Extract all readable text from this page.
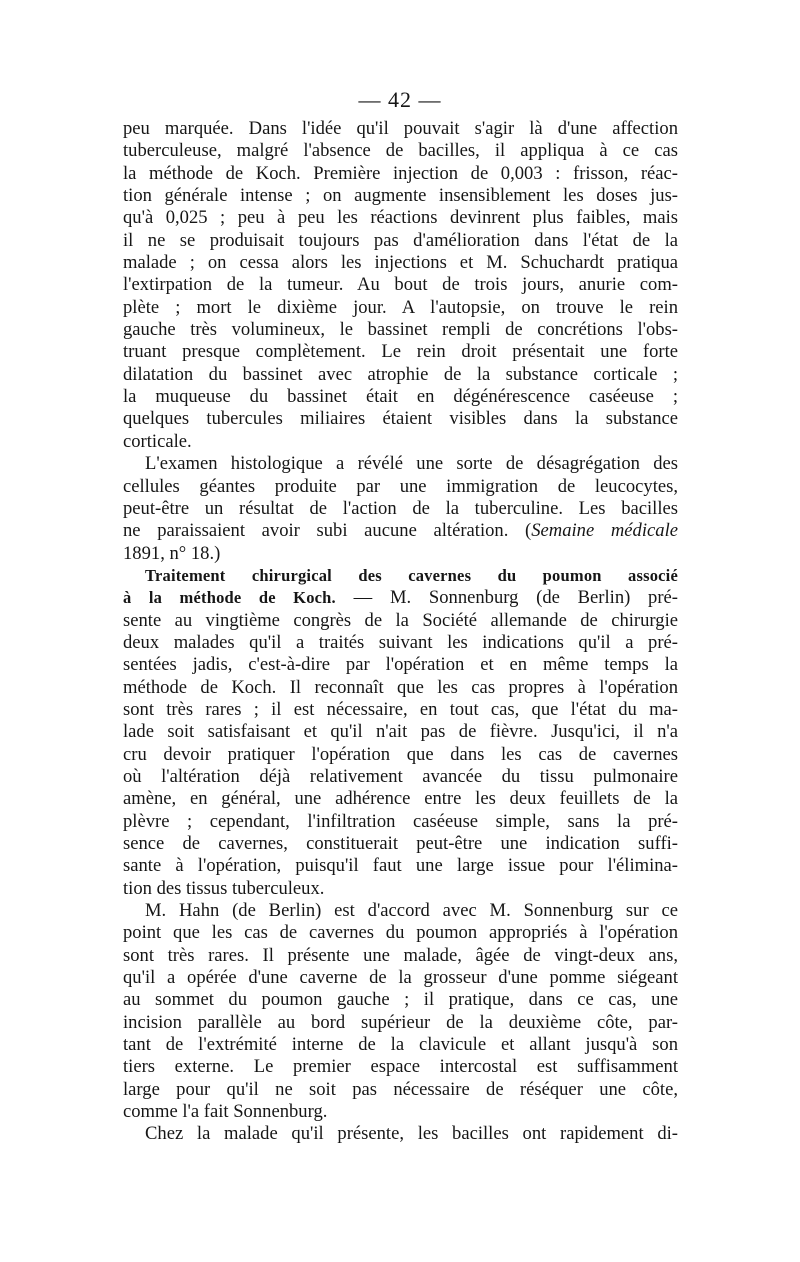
— 42 —
peu marquée. Dans l'idée qu'il pouvait s'agir là d'une affection
tuberculeuse, malgré l'absence de bacilles, il appliqua à ce cas
la méthode de Koch. Première injection de 0,003 : frisson, réac-
tion générale intense ; on augmente insensiblement les doses jus-
qu'à 0,025 ; peu à peu les réactions devinrent plus faibles, mais
il ne se produisait toujours pas d'amélioration dans l'état de la
malade ; on cessa alors les injections et M. Schuchardt pratiqua
l'extirpation de la tumeur. Au bout de trois jours, anurie com-
plète ; mort le dixième jour. A l'autopsie, on trouve le rein
gauche très volumineux, le bassinet rempli de concrétions l'obs-
truant presque complètement. Le rein droit présentait une forte
dilatation du bassinet avec atrophie de la substance corticale ;
la muqueuse du bassinet était en dégénérescence caséeuse ;
quelques tubercules miliaires étaient visibles dans la substance
corticale.
L'examen histologique a révélé une sorte de désagrégation des
cellules géantes produite par une immigration de leucocytes,
peut-être un résultat de l'action de la tuberculine. Les bacilles
ne paraissaient avoir subi aucune altération. (Semaine médicale
1891, n° 18.)
Traitement chirurgical des cavernes du poumon associé
à la méthode de Koch. — M. Sonnenburg (de Berlin) pré-
sente au vingtième congrès de la Société allemande de chirurgie
deux malades qu'il a traités suivant les indications qu'il a pré-
sentées jadis, c'est-à-dire par l'opération et en même temps la
méthode de Koch. Il reconnaît que les cas propres à l'opération
sont très rares ; il est nécessaire, en tout cas, que l'état du ma-
lade soit satisfaisant et qu'il n'ait pas de fièvre. Jusqu'ici, il n'a
cru devoir pratiquer l'opération que dans les cas de cavernes
où l'altération déjà relativement avancée du tissu pulmonaire
amène, en général, une adhérence entre les deux feuillets de la
plèvre ; cependant, l'infiltration caséeuse simple, sans la pré-
sence de cavernes, constituerait peut-être une indication suffi-
sante à l'opération, puisqu'il faut une large issue pour l'élimina-
tion des tissus tuberculeux.
M. Hahn (de Berlin) est d'accord avec M. Sonnenburg sur ce
point que les cas de cavernes du poumon appropriés à l'opération
sont très rares. Il présente une malade, âgée de vingt-deux ans,
qu'il a opérée d'une caverne de la grosseur d'une pomme siégeant
au sommet du poumon gauche ; il pratique, dans ce cas, une
incision parallèle au bord supérieur de la deuxième côte, par-
tant de l'extrémité interne de la clavicule et allant jusqu'à son
tiers externe. Le premier espace intercostal est suffisamment
large pour qu'il ne soit pas nécessaire de réséquer une côte,
comme l'a fait Sonnenburg.
Chez la malade qu'il présente, les bacilles ont rapidement di-
